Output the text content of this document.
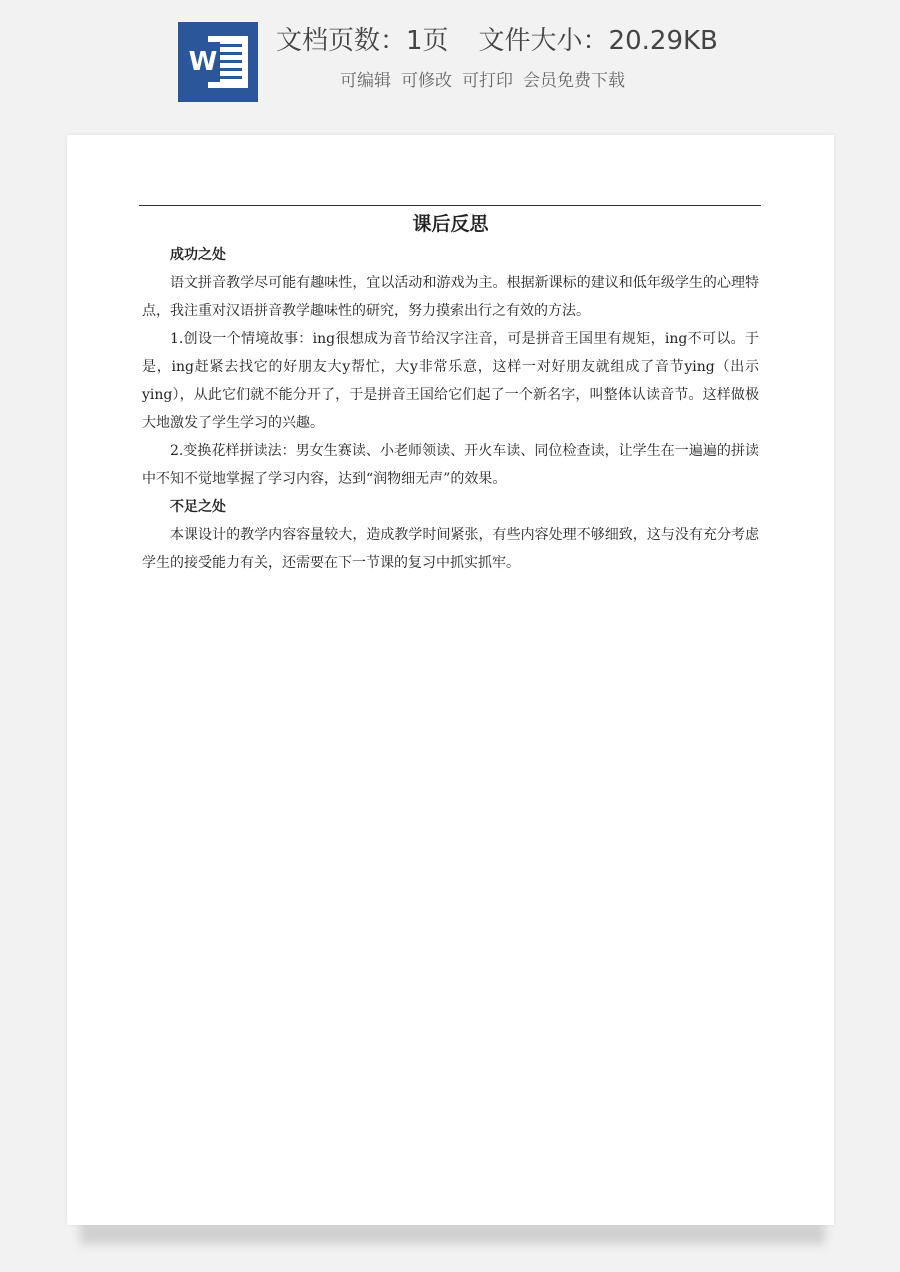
W
文档页数：1页 文件大小：20.29KB
可编辑 可修改 可打印 会员免费下载
课后反思

成功之处

语文拼音教学尽可能有趣味性，宜以活动和游戏为主。根据新课标的建议和低年级学生的心理特点，我注重对汉语拼音教学趣味性的研究，努力摸索出行之有效的方法。

1.创设一个情境故事：ing很想成为音节给汉字注音，可是拼音王国里有规矩，ing不可以。于是，ing赶紧去找它的好朋友大y帮忙，大y非常乐意，这样一对好朋友就组成了音节ying（出示ying），从此它们就不能分开了，于是拼音王国给它们起了一个新名字，叫整体认读音节。这样做极大地激发了学生学习的兴趣。

2.变换花样拼读法：男女生赛读、小老师领读、开火车读、同位检查读，让学生在一遍遍的拼读中不知不觉地掌握了学习内容，达到“润物细无声”的效果。

不足之处

本课设计的教学内容容量较大，造成教学时间紧张，有些内容处理不够细致，这与没有充分考虑学生的接受能力有关，还需要在下一节课的复习中抓实抓牢。
